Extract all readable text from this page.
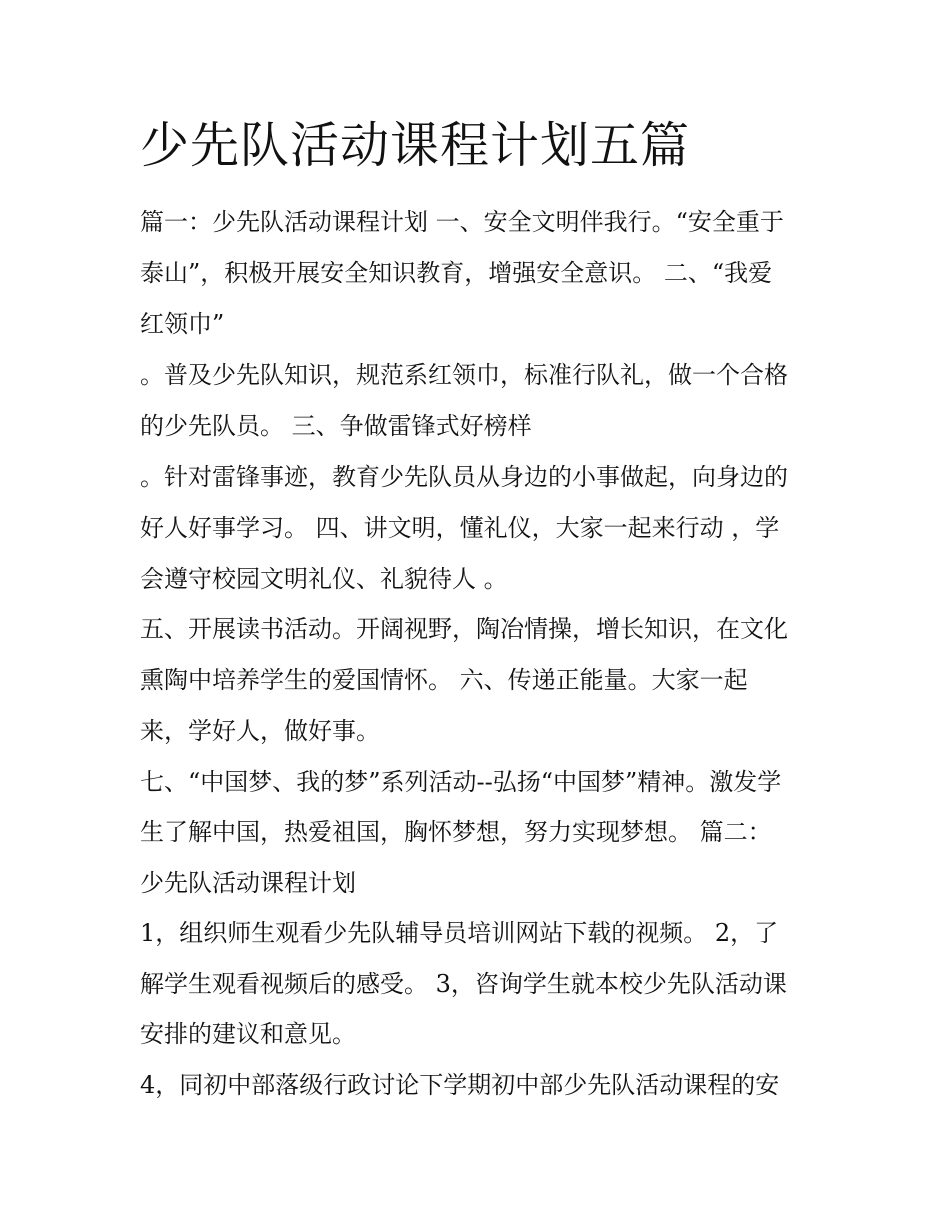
少先队活动课程计划五篇

篇一：少先队活动课程计划 一、安全文明伴我行。“安全重于

泰山”，积极开展安全知识教育，增强安全意识。 二、“我爱

红领巾”

。普及少先队知识，规范系红领巾，标准行队礼，做一个合格

的少先队员。 三、争做雷锋式好榜样

。针对雷锋事迹，教育少先队员从身边的小事做起，向身边的

好人好事学习。 四、讲文明，懂礼仪，大家一起来行动 ，学

会遵守校园文明礼仪、礼貌待人 。

五、开展读书活动。开阔视野，陶冶情操，增长知识，在文化

熏陶中培养学生的爱国情怀。 六、传递正能量。大家一起

来，学好人，做好事。

七、“中国梦、我的梦”系列活动--弘扬“中国梦”精神。激发学

生了解中国，热爱祖国，胸怀梦想，努力实现梦想。 篇二：

少先队活动课程计划

1，组织师生观看少先队辅导员培训网站下载的视频。 2，了

解学生观看视频后的感受。 3，咨询学生就本校少先队活动课

安排的建议和意见。

4，同初中部落级行政讨论下学期初中部少先队活动课程的安
